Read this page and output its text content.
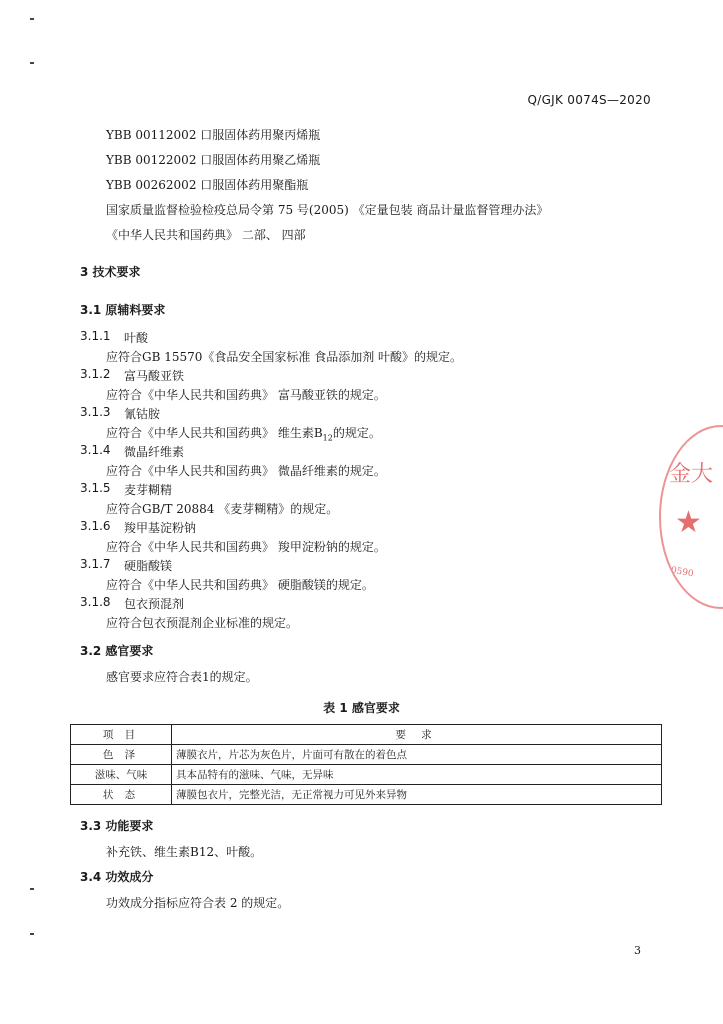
Q/GJK 0074S—2020
YBB 00112002 口服固体药用聚丙烯瓶
YBB 00122002 口服固体药用聚乙烯瓶
YBB 00262002 口服固体药用聚酯瓶
国家质量监督检验检疫总局令第 75 号(2005) 《定量包装 商品计量监督管理办法》
《中华人民共和国药典》 二部、 四部
3 技术要求
3.1 原辅料要求
3.1.1 叶酸
应符合GB 15570《食品安全国家标准 食品添加剂 叶酸》的规定。
3.1.2 富马酸亚铁
应符合《中华人民共和国药典》 富马酸亚铁的规定。
3.1.3 氰钴胺
应符合《中华人民共和国药典》 维生素$B_{12}$的规定。
3.1.4 微晶纤维素
应符合《中华人民共和国药典》 微晶纤维素的规定。
3.1.5 麦芽糊精
应符合GB/T 20884 《麦芽糊精》的规定。
3.1.6 羧甲基淀粉钠
应符合《中华人民共和国药典》 羧甲淀粉钠的规定。
3.1.7 硬脂酸镁
应符合《中华人民共和国药典》 硬脂酸镁的规定。
3.1.8 包衣预混剂
应符合包衣预混剂企业标准的规定。
3.2 感官要求
感官要求应符合表1的规定。
表 1 感官要求
项 目	要 求
色 泽	薄膜衣片，片芯为灰色片，片面可有散在的着色点
滋味、气味	具本品特有的滋味、气味，无异味
状 态	薄膜包衣片，完整光洁，无正常视力可见外来异物
3.3 功能要求
补充铁、维生素B12、叶酸。
3.4 功效成分
功效成分指标应符合表 2 的规定。
3
金大
★
30590
